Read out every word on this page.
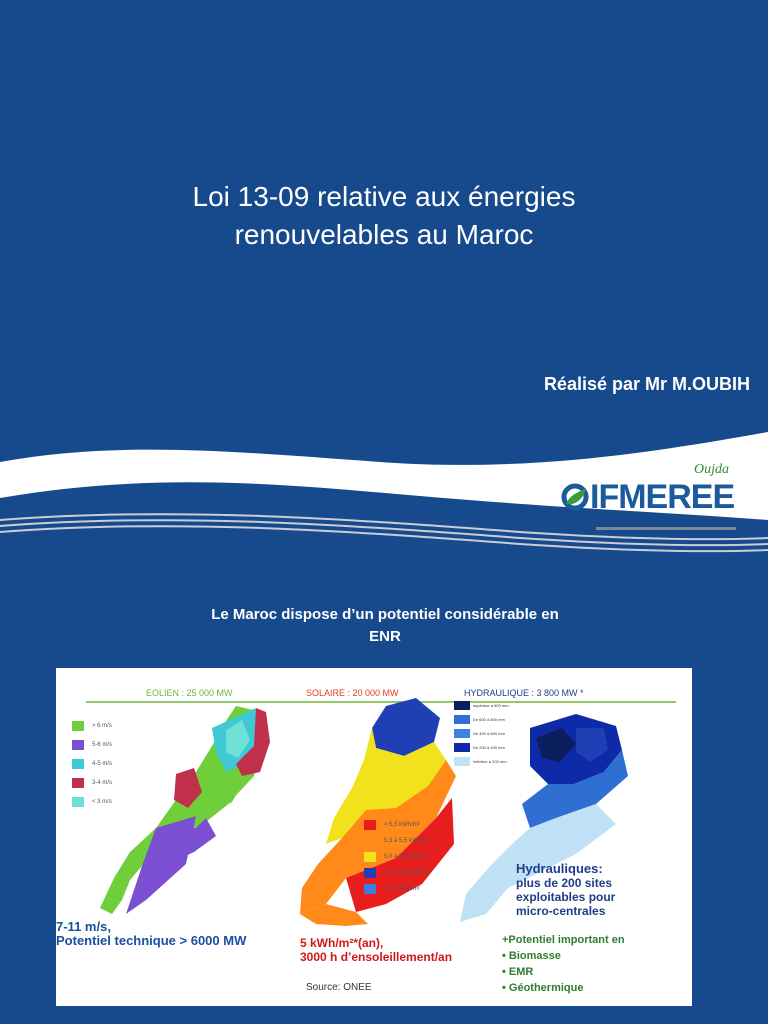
Loi 13-09 relative aux énergies
renouvelables au Maroc
Réalisé par Mr M.OUBIH
Oujda
IFMEREE
Le Maroc dispose d’un potentiel considérable en
ENR
EOLIEN : 25 000 MW	SOLAIRE : 20 000 MW	HYDRAULIQUE : 3 800 MW *
> 6 m/s
5-6 m/s
4-5 m/s
3-4 m/s
< 3 m/s
> 5,5 kWh/m²
5,3 à 5,5 kWh/m²
5,0 à 5,3 kWh/m²
4,7 à 5,0 kWh/m²
< 4,3 kWh/m²
supérieur à 800 mm
De 600 à 800 mm
De 400 à 600 mm
De 200 à 400 mm
Inférieur à 200 mm
7-11 m/s,
Potentiel technique > 6000 MW	5 kWh/m²*(an),
3000 h d’ensoleillement/an
Hydrauliques:
plus de 200 sites
exploitables pour
micro-centrales
+Potentiel important en
• Biomasse
• EMR
• Géothermique
Source: ONEE
